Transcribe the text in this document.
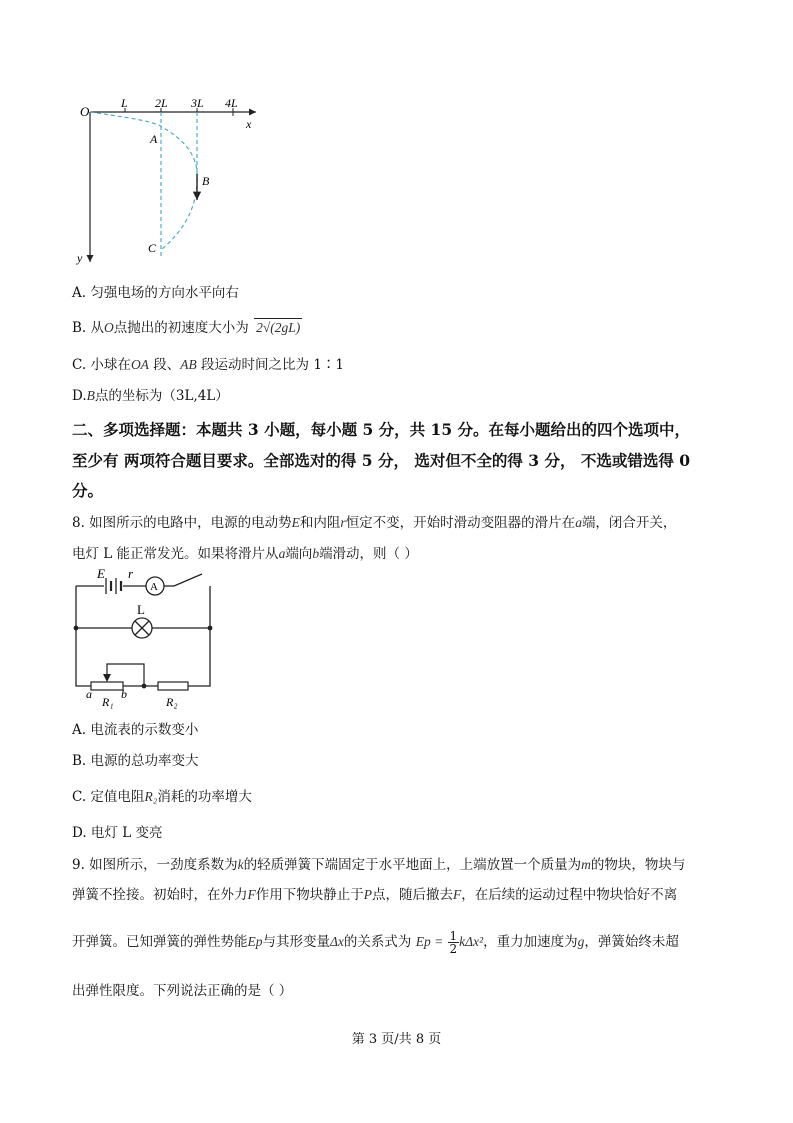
O
L 2L 3L 4L
x
y
A
B
C
A. 匀强电场的方向水平向右
B. 从O点抛出的初速度大小为 2√(2gL)
C. 小球在OA 段、AB 段运动时间之比为 1∶1
D.B点的坐标为（3L,4L）
二、多项选择题：本题共 3 小题，每小题 5 分，共 15 分。在每小题给出的四个选项中，
至少有 两项符合题目要求。全部选对的得 5 分， 选对但不全的得 3 分， 不选或错选得 0
分。
8. 如图所示的电路中，电源的电动势E和内阻r恒定不变，开始时滑动变阻器的滑片在a端，闭合开关，
电灯 L 能正常发光。如果将滑片从a端向b端滑动，则（ ）
E r
A
L
a b
R₁	R₂
A. 电流表的示数变小
B. 电源的总功率变大
C. 定值电阻R₂消耗的功率增大
D. 电灯 L 变亮
9. 如图所示，一劲度系数为k的轻质弹簧下端固定于水平地面上，上端放置一个质量为m的物块，物块与
弹簧不拴接。初始时，在外力F作用下物块静止于P点，随后撤去F，在后续的运动过程中物块恰好不离
开弹簧。已知弹簧的弹性势能Ep与其形变量Δx的关系式为 $Ep = \frac{1}{2} k\Delta x^2$，重力加速度为g，弹簧始终未超
出弹性限度。下列说法正确的是（ ）
第 3 页/共 8 页
